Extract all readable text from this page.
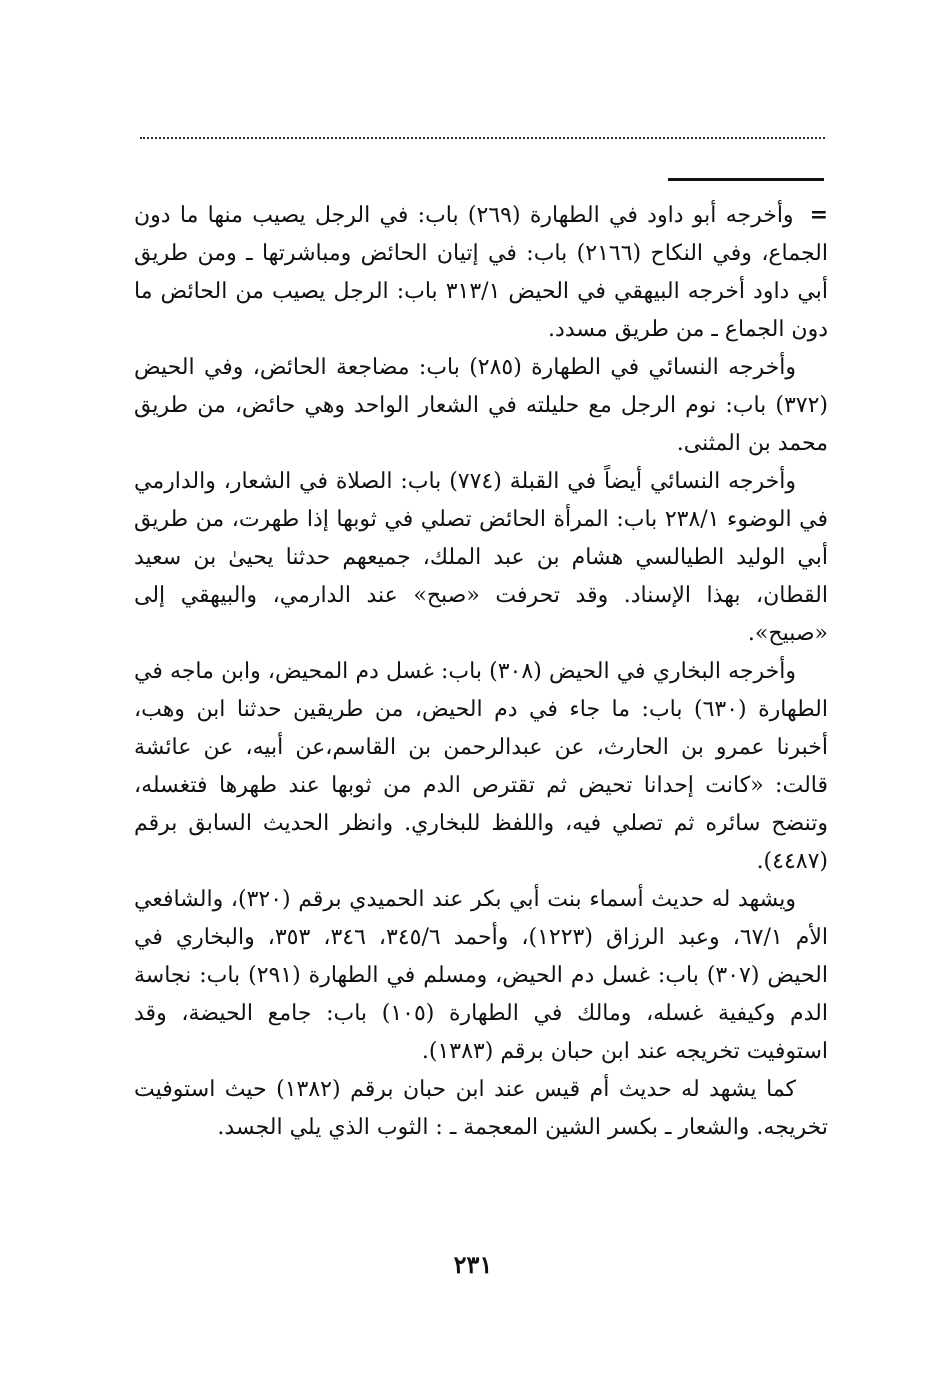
=وأخرجه أبو داود في الطهارة (٢٦٩) باب: في الرجل يصيب منها ما دون الجماع، وفي النكاح (٢١٦٦) باب: في إتيان الحائض ومباشرتها ـ ومن طريق أبي داود أخرجه البيهقي في الحيض ٣١٣/١ باب: الرجل يصيب من الحائض ما دون الجماع ـ من طريق مسدد.

وأخرجه النسائي في الطهارة (٢٨٥) باب: مضاجعة الحائض، وفي الحيض (٣٧٢) باب: نوم الرجل مع حليلته في الشعار الواحد وهي حائض، من طريق محمد بن المثنى.

وأخرجه النسائي أيضاً في القبلة (٧٧٤) باب: الصلاة في الشعار، والدارمي في الوضوء ٢٣٨/١ باب: المرأة الحائض تصلي في ثوبها إذا طهرت، من طريق أبي الوليد الطيالسي هشام بن عبد الملك، جميعهم حدثنا يحيىٰ بن سعيد القطان، بهذا الإسناد. وقد تحرفت «صبح» عند الدارمي، والبيهقي إلى «صبيح».

وأخرجه البخاري في الحيض (٣٠٨) باب: غسل دم المحيض، وابن ماجه في الطهارة (٦٣٠) باب: ما جاء في دم الحيض، من طريقين حدثنا ابن وهب، أخبرنا عمرو بن الحارث، عن عبدالرحمن بن القاسم،عن أبيه، عن عائشة قالت: «كانت إحدانا تحيض ثم تقترص الدم من ثوبها عند طهرها فتغسله، وتنضح سائره ثم تصلي فيه، واللفظ للبخاري. وانظر الحديث السابق برقم (٤٤٨٧).

ويشهد له حديث أسماء بنت أبي بكر عند الحميدي برقم (٣٢٠)، والشافعي الأم ٦٧/١، وعبد الرزاق (١٢٢٣)، وأحمد ٣٤٥/٦، ٣٤٦، ٣٥٣، والبخاري في الحيض (٣٠٧) باب: غسل دم الحيض، ومسلم في الطهارة (٢٩١) باب: نجاسة الدم وكيفية غسله، ومالك في الطهارة (١٠٥) باب: جامع الحيضة، وقد استوفيت تخريجه عند ابن حبان برقم (١٣٨٣).

كما يشهد له حديث أم قيس عند ابن حبان برقم (١٣٨٢) حيث استوفيت تخريجه. والشعار ـ بكسر الشين المعجمة ـ : الثوب الذي يلي الجسد.

٢٣١
